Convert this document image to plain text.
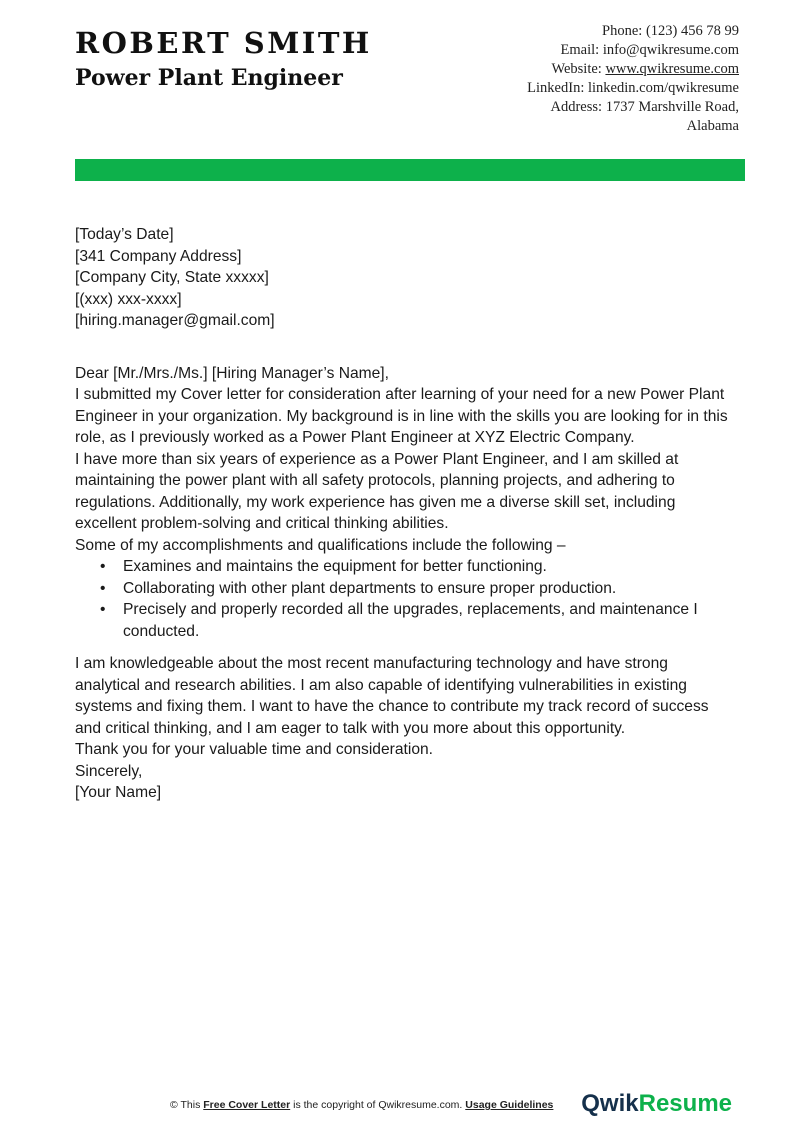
ROBERT SMITH
Power Plant Engineer
Phone: (123) 456 78 99
Email: info@qwikresume.com
Website: www.qwikresume.com
LinkedIn: linkedin.com/qwikresume
Address: 1737 Marshville Road,
Alabama

[Today’s Date]

[341 Company Address]

[Company City, State xxxxx]

[(xxx) xxx-xxxx]

[hiring.manager@gmail.com]

Dear [Mr./Mrs./Ms.] [Hiring Manager’s Name],

I submitted my Cover letter for consideration after learning of your need for a new Power Plant Engineer in your organization. My background is in line with the skills you are looking for in this role, as I previously worked as a Power Plant Engineer at XYZ Electric Company.

I have more than six years of experience as a Power Plant Engineer, and I am skilled at maintaining the power plant with all safety protocols, planning projects, and adhering to regulations. Additionally, my work experience has given me a diverse skill set, including excellent problem-solving and critical thinking abilities.

Some of my accomplishments and qualifications include the following –

• Examines and maintains the equipment for better functioning.
• Collaborating with other plant departments to ensure proper production.
• Precisely and properly recorded all the upgrades, replacements, and maintenance I conducted.

I am knowledgeable about the most recent manufacturing technology and have strong analytical and research abilities. I am also capable of identifying vulnerabilities in existing systems and fixing them. I want to have the chance to contribute my track record of success and critical thinking, and I am eager to talk with you more about this opportunity.

Thank you for your valuable time and consideration.

Sincerely,

[Your Name]

© This Free Cover Letter is the copyright of Qwikresume.com. Usage Guidelines QwikResume
